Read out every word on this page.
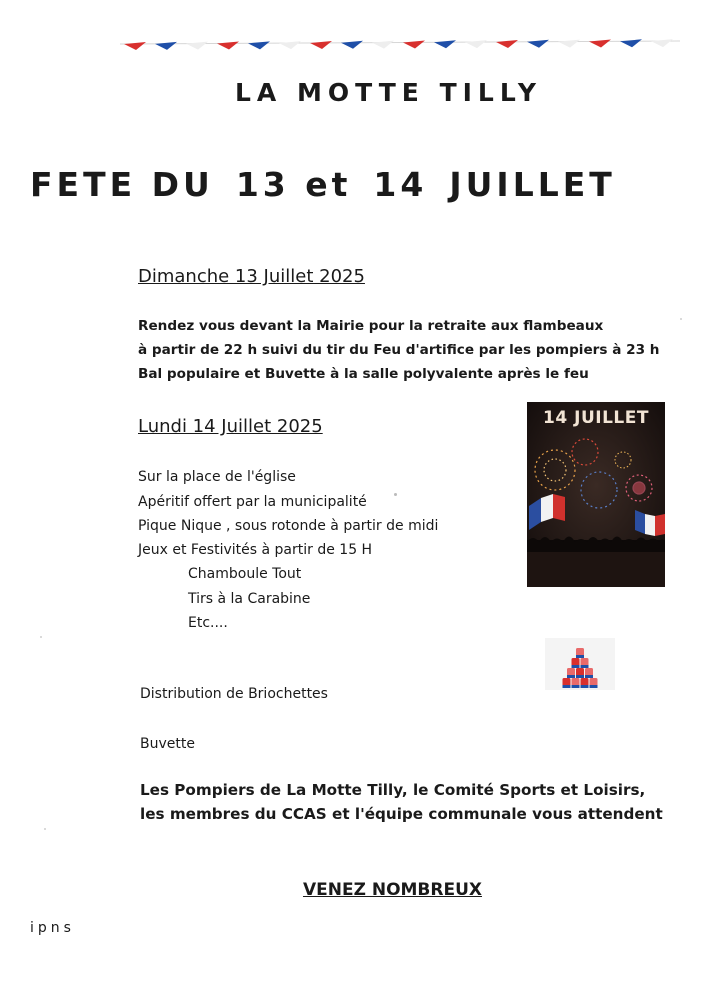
LA MOTTE TILLY
FETE DU 13 et 14 JUILLET
Dimanche 13 Juillet 2025
Rendez vous devant la Mairie pour la retraite aux flambeaux
à partir de 22 h suivi du tir du Feu d'artifice par les pompiers à 23 h
Bal populaire et Buvette à la salle polyvalente après le feu
Lundi 14 Juillet 2025
Sur la place de l'église
Apéritif offert par la municipalité
Pique Nique , sous rotonde à partir de midi
Jeux et Festivités à partir de 15 H
Chamboule Tout
Tirs à la Carabine
Etc....
Distribution de Briochettes
Buvette
Les Pompiers de La Motte Tilly, le Comité Sports et Loisirs,
les membres du CCAS et l'équipe communale vous attendent
VENEZ NOMBREUX
ipns
14 JUILLET
